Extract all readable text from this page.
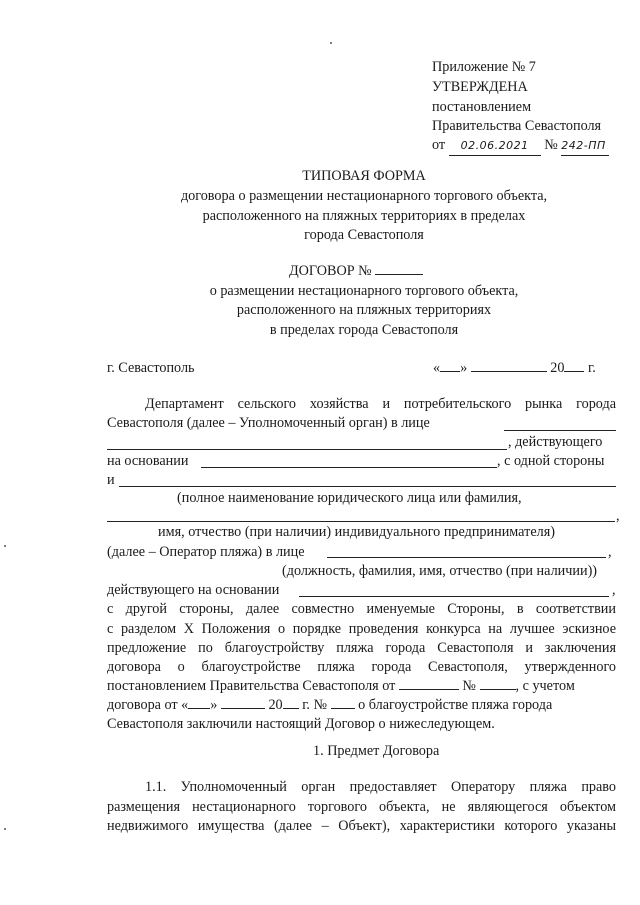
Приложение № 7
УТВЕРЖДЕНА
постановлением
Правительства Севастополя
от 02.06.2021 № 242-ПП
ТИПОВАЯ ФОРМА
договора о размещении нестационарного торгового объекта,
расположенного на пляжных территориях в пределах
города Севастополя
ДОГОВОР №
о размещении нестационарного торгового объекта,
расположенного на пляжных территориях
в пределах города Севастополя
г. Севастополь	« »	20 г.
Департамент сельского хозяйства и потребительского рынка города
Севастополя (далее – Уполномоченный орган) в лице
, действующего
на основании	, с одной стороны
и
(полное наименование юридического лица или фамилия,
,
имя, отчество (при наличии) индивидуального предпринимателя)
(далее – Оператор пляжа) в лице	,
(должность, фамилия, имя, отчество (при наличии))
действующего на основании	,
с другой стороны, далее совместно именуемые Стороны, в соответствии
с разделом X Положения о порядке проведения конкурса на лучшее эскизное
предложение по благоустройству пляжа города Севастополя и заключения
договора о благоустройстве пляжа города Севастополя, утвержденного
постановлением Правительства Севастополя от	№	, с учетом
договора от « »	20 г. № о благоустройстве пляжа города
Севастополя заключили настоящий Договор о нижеследующем.
1. Предмет Договора
1.1. Уполномоченный орган предоставляет Оператору пляжа право
размещения нестационарного торгового объекта, не являющегося объектом
недвижимого имущества (далее – Объект), характеристики которого указаны
